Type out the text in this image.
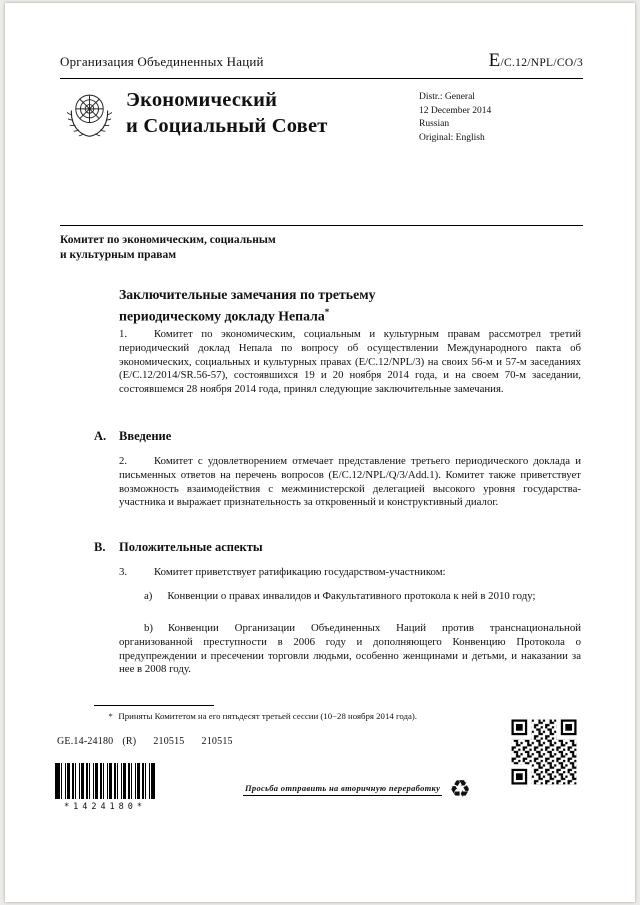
Организация Объединенных Наций	E/C.12/NPL/CO/3
Экономический
и Социальный Совет
Distr.: General
12 December 2014
Russian
Original: English
Комитет по экономическим, социальным
и культурным правам
Заключительные замечания по третьему
периодическому докладу Непала*
1. Комитет по экономическим, социальным и культурным правам рассмотрел третий периодический доклад Непала по вопросу об осуществлении Международного пакта об экономических, социальных и культурных правах (E/C.12/NPL/3) на своих 56-м и 57-м заседаниях (E/C.12/2014/SR.56-57), состоявшихся 19 и 20 ноября 2014 года, и на своем 70-м заседании, состоявшемся 28 ноября 2014 года, принял следующие заключительные замечания.
A. Введение
2. Комитет с удовлетворением отмечает представление третьего периодического доклада и письменных ответов на перечень вопросов (E/C.12/NPL/Q/3/Add.1). Комитет также приветствует возможность взаимодействия с межминистерской делегацией высокого уровня государства-участника и выражает признательность за откровенный и конструктивный диалог.
B. Положительные аспекты
3. Комитет приветствует ратификацию государством-участником:
a) Конвенции о правах инвалидов и Факультативного протокола к ней в 2010 году;
b) Конвенции Организации Объединенных Наций против транснациональной организованной преступности в 2006 году и дополняющего Конвенцию Протокола о предупреждении и пресечении торговли людьми, особенно женщинами и детьми, и наказании за нее в 2008 году.
* Приняты Комитетом на его пятьдесят третьей сессии (10−28 ноября 2014 года).
GE.14-24180 (R) 210515 210515
*1424180*
Просьба отправить на вторичную переработку ♻
